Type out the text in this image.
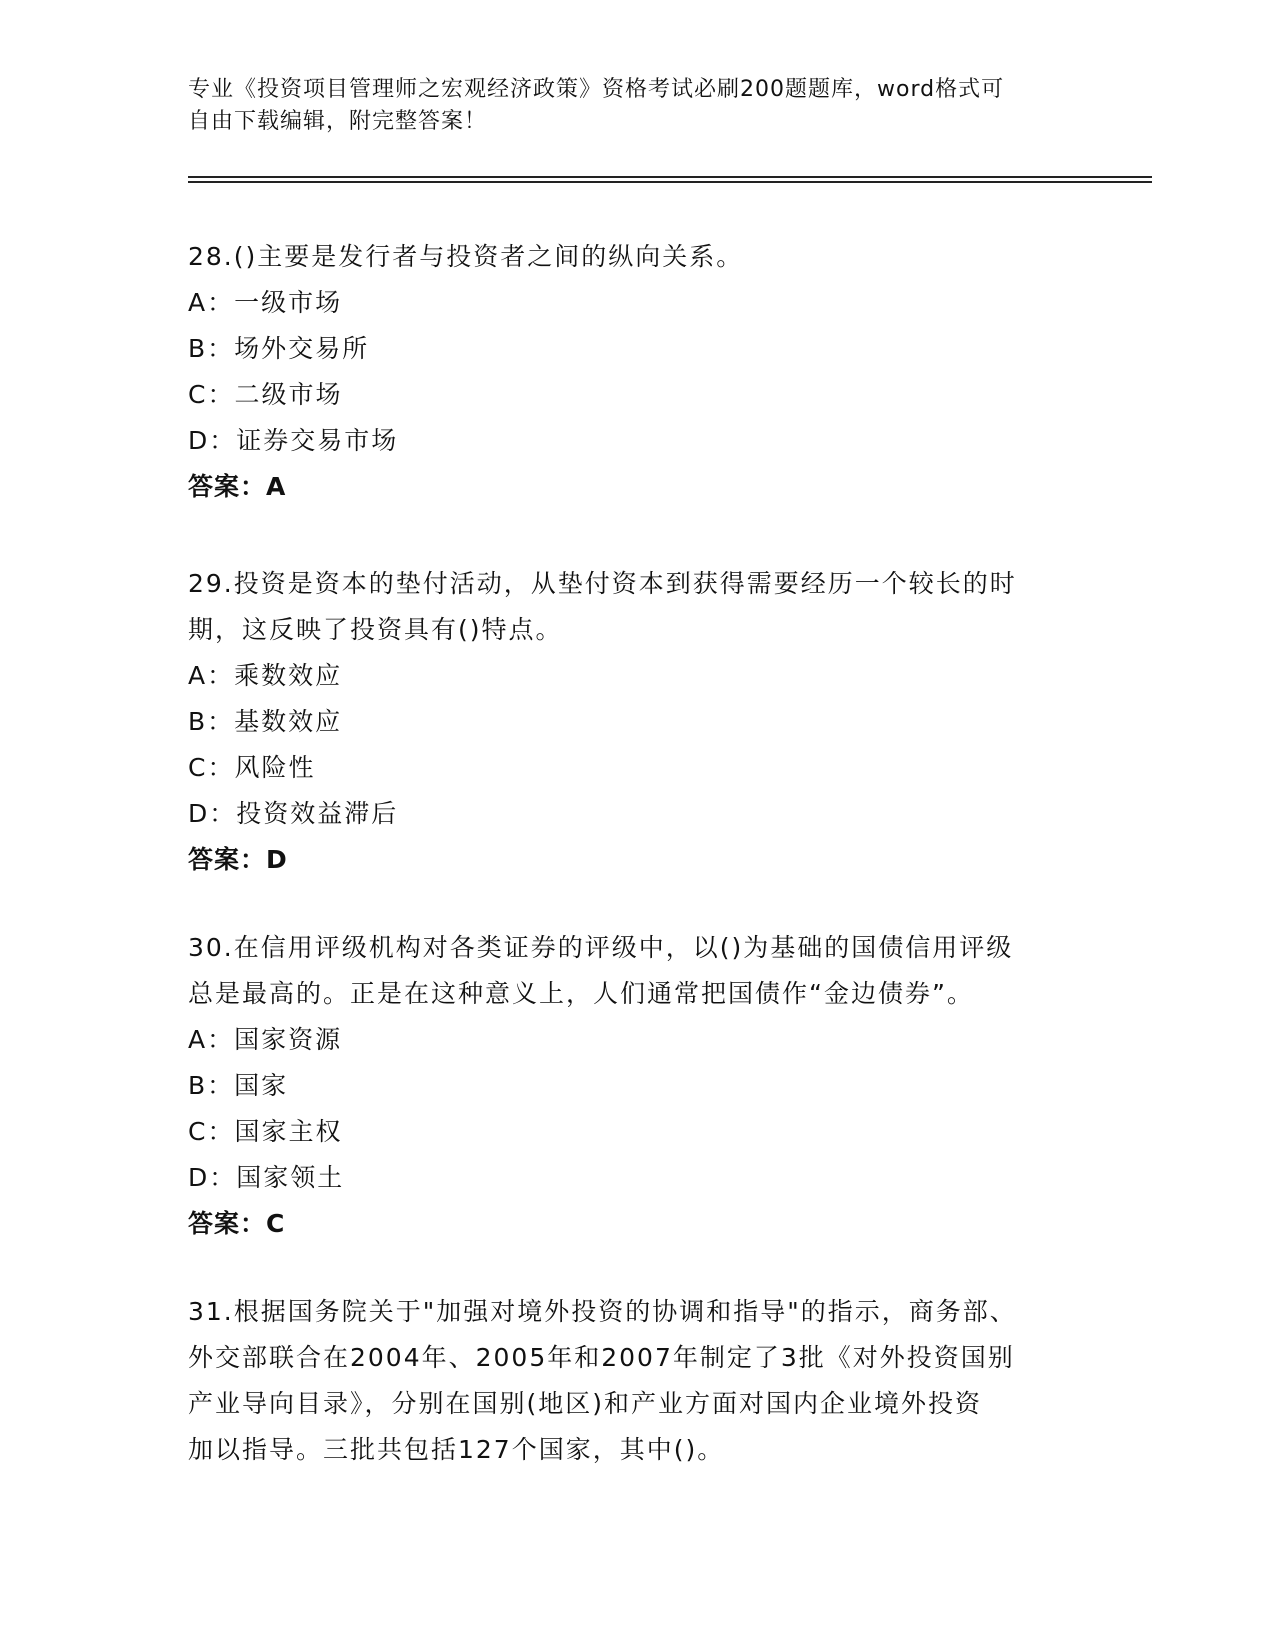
专业《投资项目管理师之宏观经济政策》资格考试必刷200题题库，word格式可
自由下载编辑，附完整答案！

28.()主要是发行者与投资者之间的纵向关系。

A：一级市场

B：场外交易所

C：二级市场

D：证券交易市场

答案：A

29.投资是资本的垫付活动，从垫付资本到获得需要经历一个较长的时

期，这反映了投资具有()特点。

A：乘数效应

B：基数效应

C：风险性

D：投资效益滞后

答案：D

30.在信用评级机构对各类证券的评级中，以()为基础的国债信用评级

总是最高的。正是在这种意义上，人们通常把国债作“金边债券”。

A：国家资源

B：国家

C：国家主权

D：国家领土

答案：C

31.根据国务院关于"加强对境外投资的协调和指导"的指示，商务部、

外交部联合在2004年、2005年和2007年制定了3批《对外投资国别

产业导向目录》，分别在国别(地区)和产业方面对国内企业境外投资

加以指导。三批共包括127个国家，其中()。
